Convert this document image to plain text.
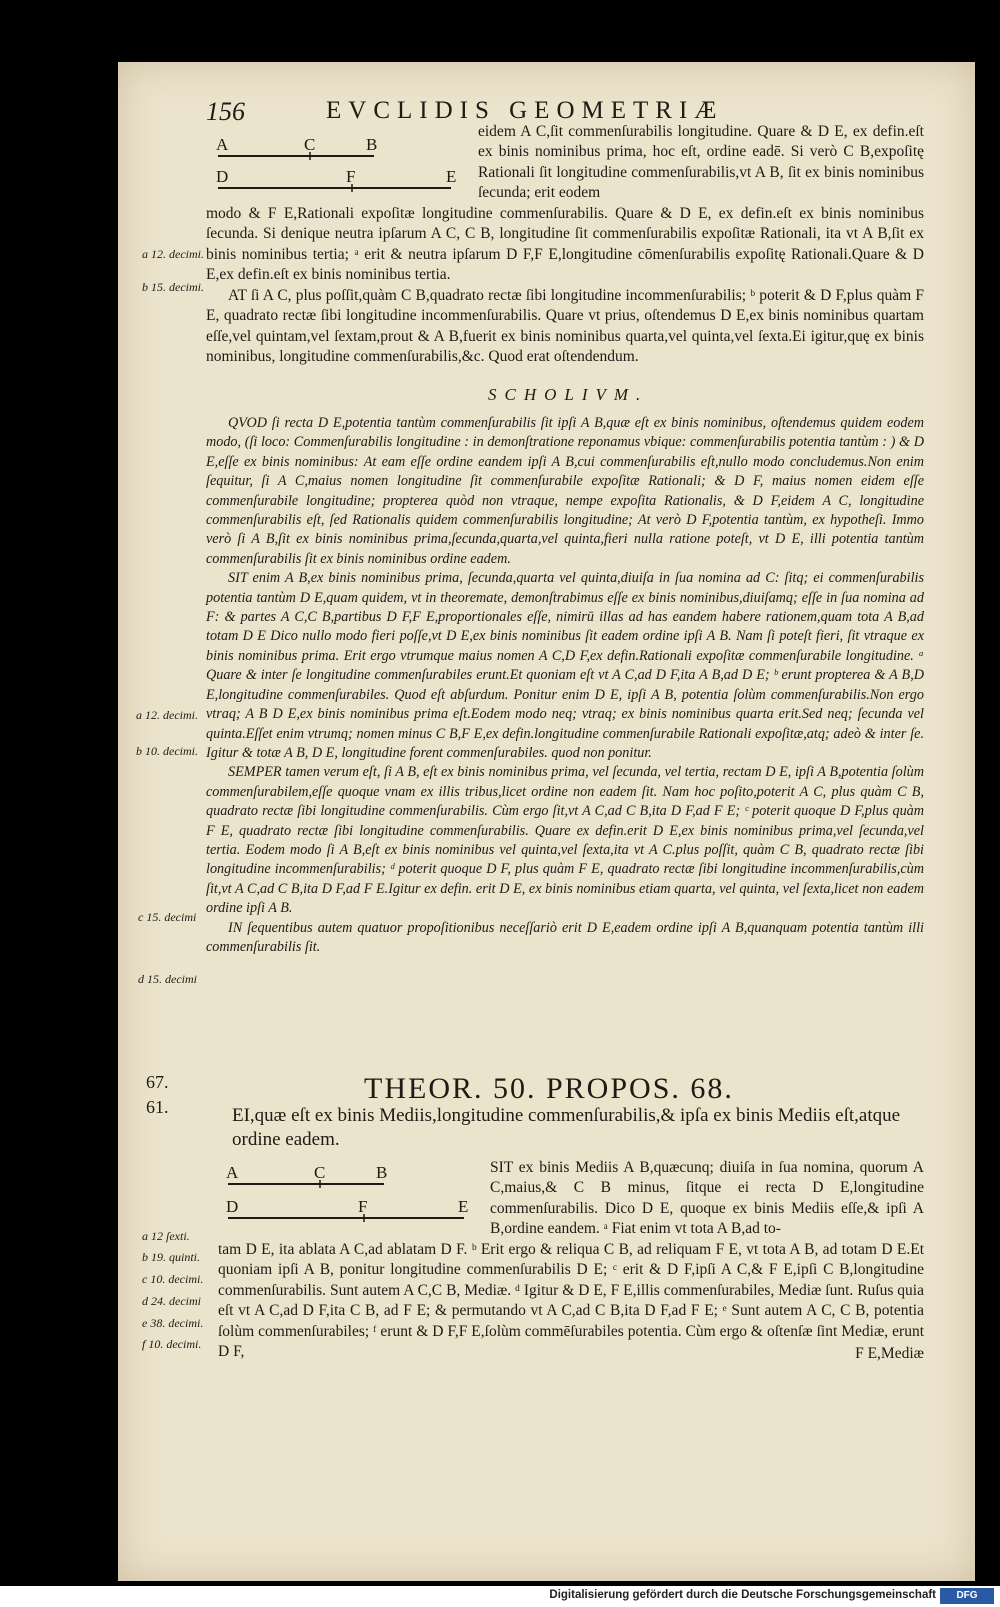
156	EVCLIDIS GEOMETRIÆ
A	C	B
D	F	E

eidem A C,ſit commenſurabilis longitudine. Quare & D E, ex defin.eſt ex binis nominibus prima, hoc eſt, ordine eadē. Si verò C B,expoſitę Rationali ſit longitudine commenſurabilis,vt A B, ſit ex binis nominibus ſecunda; erit eodem

modo & F E,Rationali expoſitæ longitudine commenſurabilis. Quare & D E, ex defin.eſt ex binis nominibus ſecunda. Si denique neutra ipſarum A C, C B, longitudine ſit commenſurabilis expoſitæ Rationali, ita vt A B,ſit ex binis nominibus tertia; ᵃ erit & neutra ipſarum D F,F E,longitudine cōmenſurabilis expoſitę Rationali.Quare & D E,ex defin.eſt ex binis nominibus tertia.

AT ſi A C, plus poſſit,quàm C B,quadrato rectæ ſibi longitudine incommenſurabilis; ᵇ poterit & D F,plus quàm F E, quadrato rectæ ſibi longitudine incommenſurabilis. Quare vt prius, oſtendemus D E,ex binis nominibus quartam eſſe,vel quintam,vel ſextam,prout & A B,fuerit ex binis nominibus quarta,vel quinta,vel ſexta.Ei igitur,quę ex binis nominibus, longitudine commenſurabilis,&c. Quod erat oſtendendum.

SCHOLIVM.

QVOD ſi recta D E,potentia tantùm commenſurabilis ſit ipſi A B,quæ eſt ex binis nominibus, oſtendemus quidem eodem modo, (ſi loco: Commenſurabilis longitudine : in demonſtratione reponamus vbique: commenſurabilis potentia tantùm : ) & D E,eſſe ex binis nominibus: At eam eſſe ordine eandem ipſi A B,cui commenſurabilis eſt,nullo modo concludemus.Non enim ſequitur, ſi A C,maius nomen longitudine ſit commenſurabile expoſitæ Rationali; & D F, maius nomen eidem eſſe commenſurabile longitudine; propterea quòd non vtraque, nempe expoſita Rationalis, & D F,eidem A C, longitudine commenſurabilis eſt, ſed Rationalis quidem commenſurabilis longitudine; At verò D F,potentia tantùm, ex hypotheſi. Immo verò ſi A B,ſit ex binis nominibus prima,ſecunda,quarta,vel quinta,fieri nulla ratione poteſt, vt D E, illi potentia tantùm commenſurabilis ſit ex binis nominibus ordine eadem.

SIT enim A B,ex binis nominibus prima, ſecunda,quarta vel quinta,diuiſa in ſua nomina ad C: ſitq; ei commenſurabilis potentia tantùm D E,quam quidem, vt in theoremate, demonſtrabimus eſſe ex binis nominibus,diuiſamq; eſſe in ſua nomina ad F: & partes A C,C B,partibus D F,F E,proportionales eſſe, nimirū illas ad has eandem habere rationem,quam tota A B,ad totam D E Dico nullo modo fieri poſſe,vt D E,ex binis nominibus ſit eadem ordine ipſi A B. Nam ſi poteſt fieri, ſit vtraque ex binis nominibus prima. Erit ergo vtrumque maius nomen A C,D F,ex defin.Rationali expoſitæ commenſurabile longitudine. ᵃ Quare & inter ſe longitudine commenſurabiles erunt.Et quoniam eſt vt A C,ad D F,ita A B,ad D E; ᵇ erunt propterea & A B,D E,longitudine commenſurabiles. Quod eſt abſurdum. Ponitur enim D E, ipſi A B, potentia ſolùm commenſurabilis.Non ergo vtraq; A B D E,ex binis nominibus prima eſt.Eodem modo neq; vtraq; ex binis nominibus quarta erit.Sed neq; ſecunda vel quinta.Eſſet enim vtrumq; nomen minus C B,F E,ex defin.longitudine commenſurabile Rationali expoſitæ,atq; adeò & inter ſe. Igitur & totæ A B, D E, longitudine forent commenſurabiles. quod non ponitur.

SEMPER tamen verum eſt, ſi A B, eſt ex binis nominibus prima, vel ſecunda, vel tertia, rectam D E, ipſi A B,potentia ſolùm commenſurabilem,eſſe quoque vnam ex illis tribus,licet ordine non eadem ſit. Nam hoc poſito,poterit A C, plus quàm C B, quadrato rectæ ſibi longitudine commenſurabilis. Cùm ergo ſit,vt A C,ad C B,ita D F,ad F E; ᶜ poterit quoque D F,plus quàm F E, quadrato rectæ ſibi longitudine commenſurabilis. Quare ex defin.erit D E,ex binis nominibus prima,vel ſecunda,vel tertia. Eodem modo ſi A B,eſt ex binis nominibus vel quinta,vel ſexta,ita vt A C.plus poſſit, quàm C B, quadrato rectæ ſibi longitudine incommenſurabilis; ᵈ poterit quoque D F, plus quàm F E, quadrato rectæ ſibi longitudine incommenſurabilis,cùm ſit,vt A C,ad C B,ita D F,ad F E.Igitur ex defin. erit D E, ex binis nominibus etiam quarta, vel quinta, vel ſexta,licet non eadem ordine ipſi A B.

IN ſequentibus autem quatuor propoſitionibus neceſſariò erit D E,eadem ordine ipſi A B,quanquam potentia tantùm illi commenſurabilis ſit.

67.
61.
THEOR. 50. PROPOS. 68.

EI,quæ eſt ex binis Mediis,longitudine commenſurabilis,& ipſa ex binis Mediis eſt,atque ordine eadem.

A	C	B
D	F	E

SIT ex binis Mediis A B,quæcunq; diuiſa in ſua nomina, quorum A C,maius,& C B minus, ſitque ei recta D E,longitudine commenſurabilis. Dico D E, quoque ex binis Mediis eſſe,& ipſi A B,ordine eandem. ᵃ Fiat enim vt tota A B,ad to-

tam D E, ita ablata A C,ad ablatam D F. ᵇ Erit ergo & reliqua C B, ad reliquam F E, vt tota A B, ad totam D E.Et quoniam ipſi A B, ponitur longitudine commenſurabilis D E; ᶜ erit & D F,ipſi A C,& F E,ipſi C B,longitudine commenſurabilis. Sunt autem A C,C B, Mediæ. ᵈ Igitur & D E, F E,illis commenſurabiles, Mediæ ſunt. Ruſus quia eſt vt A C,ad D F,ita C B, ad F E; & permutando vt A C,ad C B,ita D F,ad F E; ᵉ Sunt autem A C, C B, potentia ſolùm commenſurabiles; ᶠ erunt & D F,F E,ſolùm commēſurabiles potentia. Cùm ergo & oſtenſæ ſint Mediæ, erunt D F,	F E,Mediæ
a 12. decimi.
b 15. decimi.
a 12. decimi.
b 10. decimi.
c 15. decimi
d 15. decimi
a 12 ſexti.
b 19. quinti.
c 10. decimi.
d 24. decimi
e 38. decimi.
f 10. decimi.
Digitalisierung gefördert durch die Deutsche Forschungsgemeinschaft	DFG
